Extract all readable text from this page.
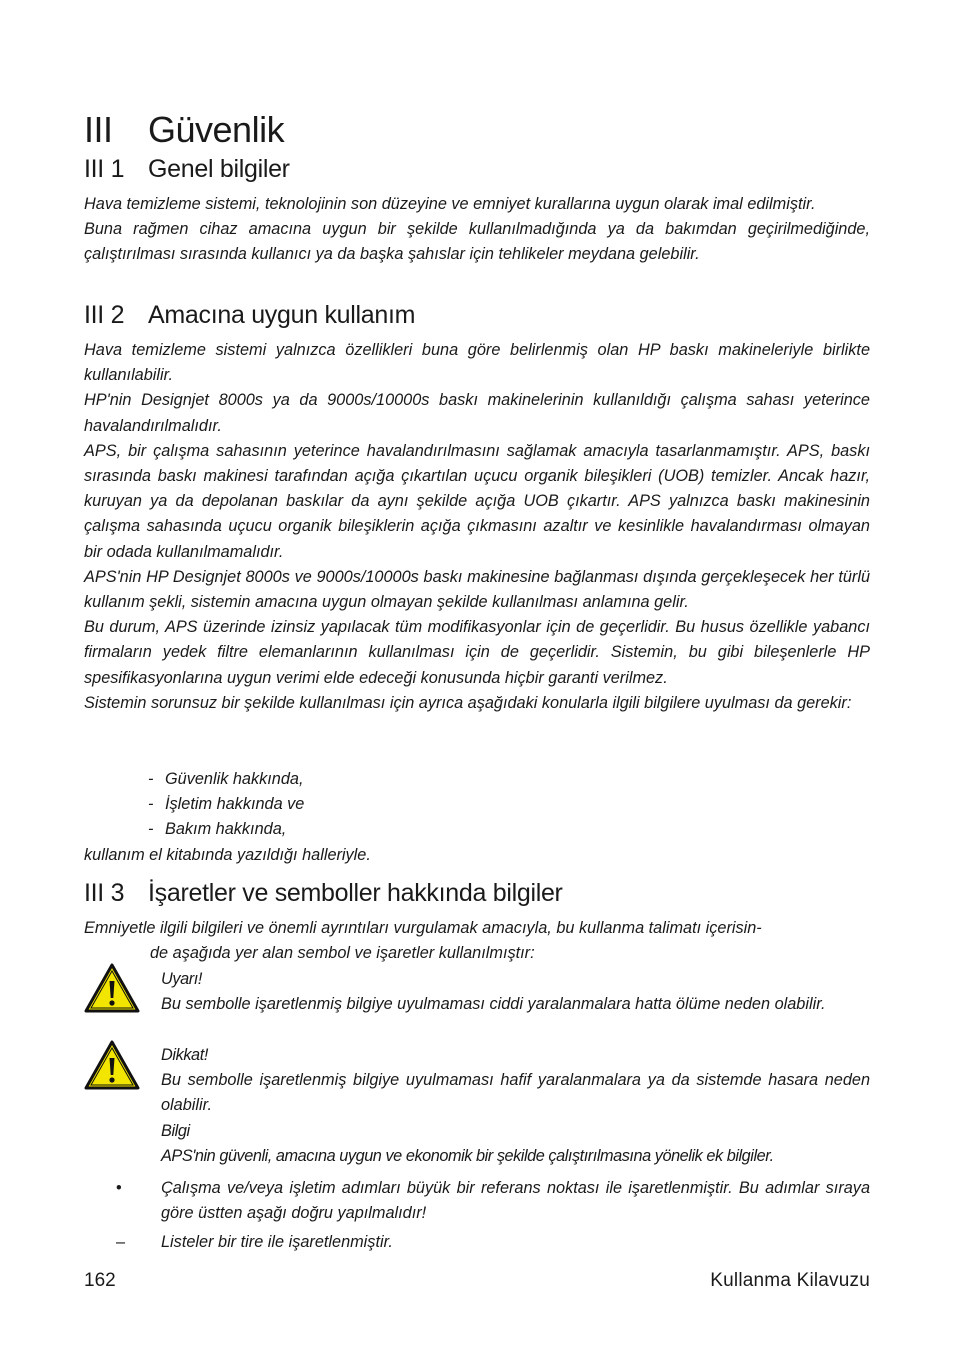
III Güvenlik
III 1 Genel bilgiler

Hava temizleme sistemi, teknolojinin son düzeyine ve emniyet kurallarına uygun olarak imal edilmiştir.

Buna rağmen cihaz amacına uygun bir şekilde kullanılmadığında ya da bakımdan geçirilmediğinde, çalıştırılması sırasında kullanıcı ya da başka şahıslar için tehlikeler meydana gelebilir.

III 2 Amacına uygun kullanım

Hava temizleme sistemi yalnızca özellikleri buna göre belirlenmiş olan HP baskı makineleriyle birlikte kullanılabilir.

HP'nin Designjet 8000s ya da 9000s/10000s baskı makinelerinin kullanıldığı çalışma sahası yeterince havalandırılmalıdır.

APS, bir çalışma sahasının yeterince havalandırılmasını sağlamak amacıyla tasarlanmamıştır. APS, baskı sırasında baskı makinesi tarafından açığa çıkartılan uçucu organik bileşikleri (UOB) temizler. Ancak hazır, kuruyan ya da depolanan baskılar da aynı şekilde açığa UOB çıkartır. APS yalnızca baskı makinesinin çalışma sahasında uçucu organik bileşiklerin açığa çıkmasını azaltır ve kesinlikle havalandırması olmayan bir odada kullanılmamalıdır.

APS'nin HP Designjet 8000s ve 9000s/10000s baskı makinesine bağlanması dışında gerçekleşecek her türlü kullanım şekli, sistemin amacına uygun olmayan şekilde kullanılması anlamına gelir.

Bu durum, APS üzerinde izinsiz yapılacak tüm modifikasyonlar için de geçerlidir. Bu husus özellikle yabancı firmaların yedek filtre elemanlarının kullanılması için de geçerlidir. Sistemin, bu gibi bileşenlerle HP spesifikasyonlarına uygun verimi elde edeceği konusunda hiçbir garanti verilmez.

Sistemin sorunsuz bir şekilde kullanılması için ayrıca aşağıdaki konularla ilgili bilgilere uyulması da gerekir:

- Güvenlik hakkında,
- İşletim hakkında ve
- Bakım hakkında,

kullanım el kitabında yazıldığı halleriyle.

III 3 İşaretler ve semboller hakkında bilgiler

Emniyetle ilgili bilgileri ve önemli ayrıntıları vurgulamak amacıyla, bu kullanma talimatı içerisin-

de aşağıda yer alan sembol ve işaretler kullanılmıştır:

Uyarı!

Bu sembolle işaretlenmiş bilgiye uyulmaması ciddi yaralanmalara hatta ölüme neden olabilir.

Dikkat!

Bu sembolle işaretlenmiş bilgiye uyulmaması hafif yaralanmalara ya da sistemde hasara neden olabilir.

Bilgi

APS'nin güvenli, amacına uygun ve ekonomik bir şekilde çalıştırılmasına yönelik ek bilgiler.

• Çalışma ve/veya işletim adımları büyük bir referans noktası ile işaretlenmiştir. Bu adımlar sıraya göre üstten aşağı doğru yapılmalıdır!
– Listeler bir tire ile işaretlenmiştir.
162	Kullanma Kilavuzu
